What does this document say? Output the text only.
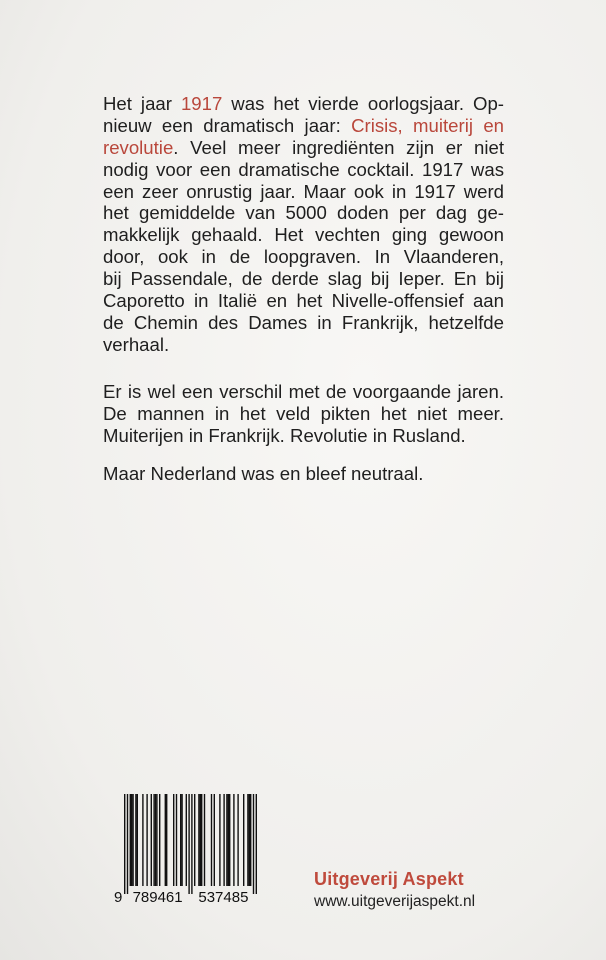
Het jaar 1917 was het vierde oorlogsjaar. Op-
nieuw een dramatisch jaar: Crisis, muiterij en
revolutie. Veel meer ingrediënten zijn er niet
nodig voor een dramatische cocktail. 1917 was
een zeer onrustig jaar. Maar ook in 1917 werd
het gemiddelde van 5000 doden per dag ge-
makkelijk gehaald. Het vechten ging gewoon
door, ook in de loopgraven. In Vlaanderen,
bij Passendale, de derde slag bij Ieper. En bij
Caporetto in Italië en het Nivelle-offensief aan
de Chemin des Dames in Frankrijk, hetzelfde
verhaal.
Er is wel een verschil met de voorgaande jaren.
De mannen in het veld pikten het niet meer.
Muiterijen in Frankrijk. Revolutie in Rusland.
Maar Nederland was en bleef neutraal.
9 789461 537485
Uitgeverij Aspekt
www.uitgeverijaspekt.nl
